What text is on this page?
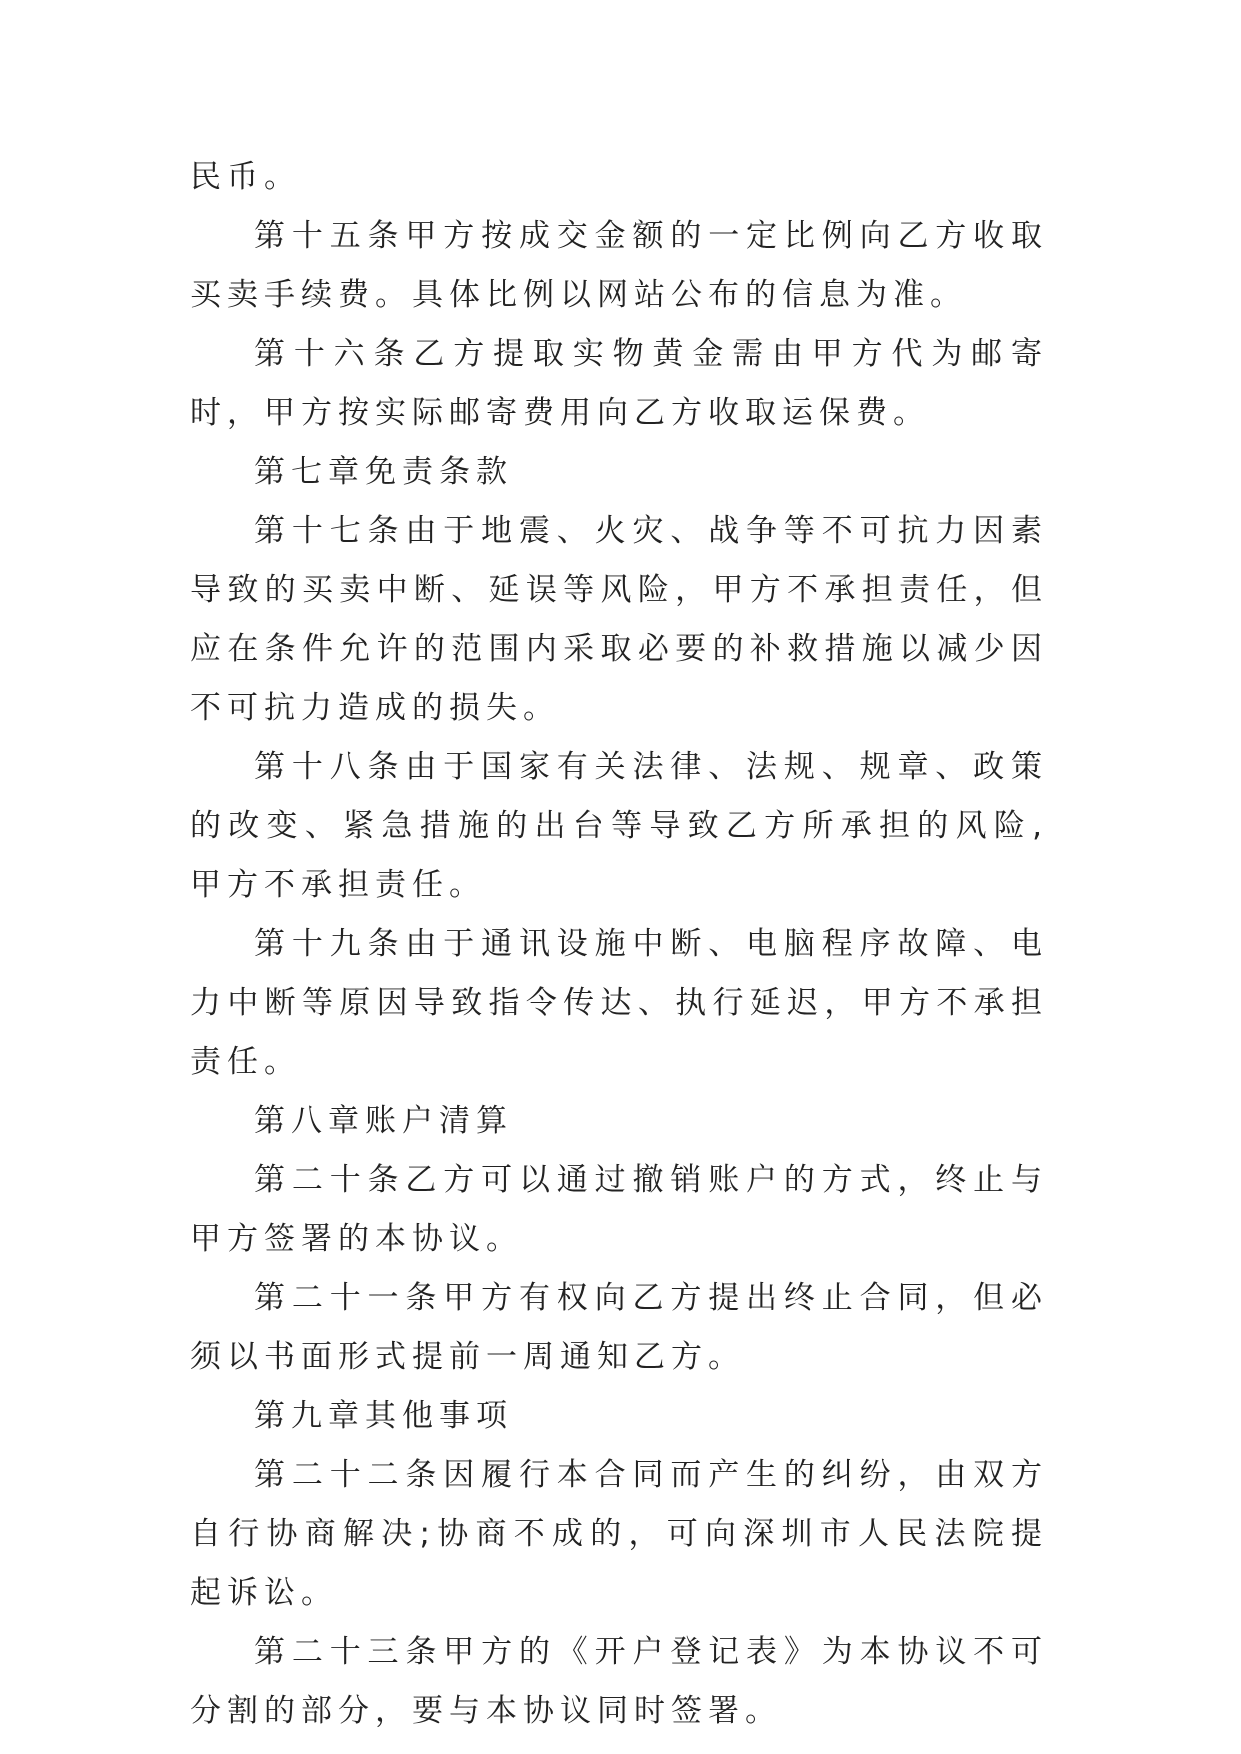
民币。

第十五条甲方按成交金额的一定比例向乙方收取买卖手续费。具体比例以网站公布的信息为准。

第十六条乙方提取实物黄金需由甲方代为邮寄时，甲方按实际邮寄费用向乙方收取运保费。

第七章免责条款

第十七条由于地震、火灾、战争等不可抗力因素导致的买卖中断、延误等风险，甲方不承担责任，但应在条件允许的范围内采取必要的补救措施以减少因不可抗力造成的损失。

第十八条由于国家有关法律、法规、规章、政策的改变、紧急措施的出台等导致乙方所承担的风险,甲方不承担责任。

第十九条由于通讯设施中断、电脑程序故障、电力中断等原因导致指令传达、执行延迟，甲方不承担责任。

第八章账户清算

第二十条乙方可以通过撤销账户的方式，终止与甲方签署的本协议。

第二十一条甲方有权向乙方提出终止合同，但必须以书面形式提前一周通知乙方。

第九章其他事项

第二十二条因履行本合同而产生的纠纷，由双方自行协商解决;协商不成的，可向深圳市人民法院提起诉讼。

第二十三条甲方的《开户登记表》为本协议不可分割的部分，要与本协议同时签署。
